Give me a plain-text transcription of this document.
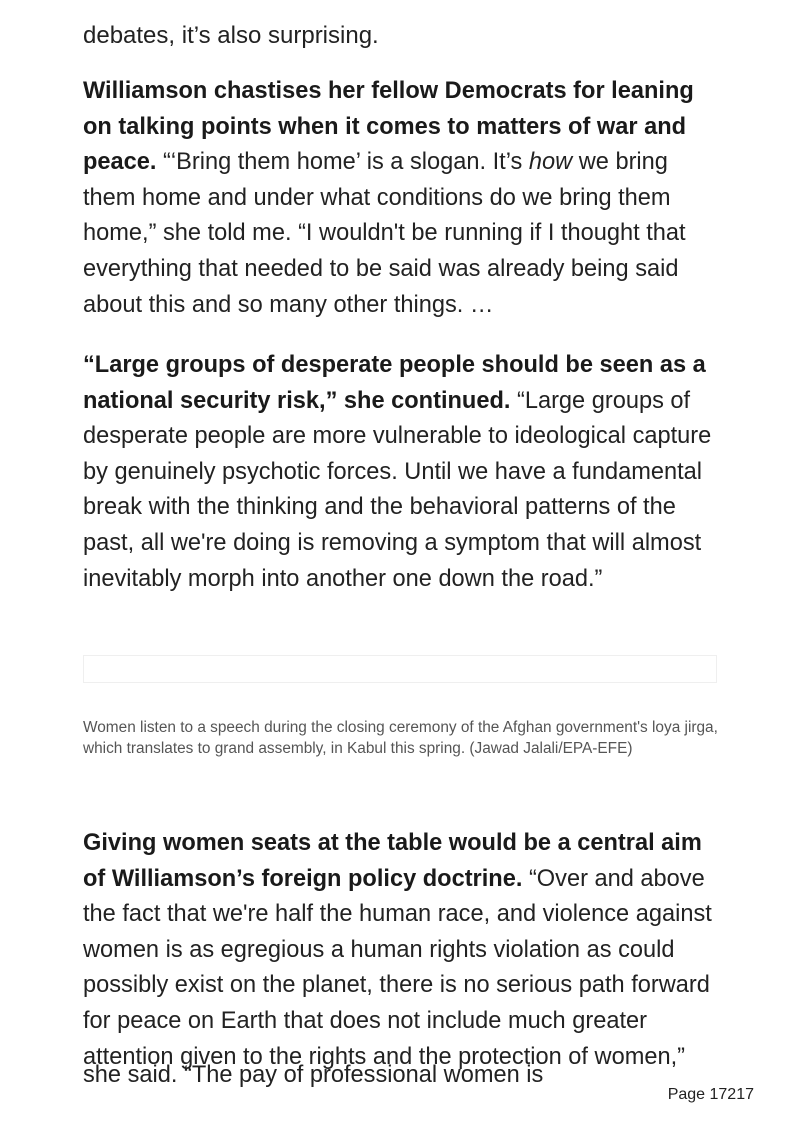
debates, it’s also surprising.

Williamson chastises her fellow Democrats for leaning on talking points when it comes to matters of war and peace. “‘Bring them home’ is a slogan. It’s how we bring them home and under what conditions do we bring them home,” she told me. “I wouldn't be running if I thought that everything that needed to be said was already being said about this and so many other things. …

“Large groups of desperate people should be seen as a national security risk,” she continued. “Large groups of desperate people are more vulnerable to ideological capture by genuinely psychotic forces. Until we have a fundamental break with the thinking and the behavioral patterns of the past, all we're doing is removing a symptom that will almost inevitably morph into another one down the road.”

Women listen to a speech during the closing ceremony of the Afghan government's loya jirga, which translates to grand assembly, in Kabul this spring. (Jawad Jalali/EPA-EFE)

Giving women seats at the table would be a central aim of Williamson’s foreign policy doctrine. “Over and above the fact that we're half the human race, and violence against women is as egregious a human rights violation as could possibly exist on the planet, there is no serious path forward for peace on Earth that does not include much greater attention given to the rights and the protection of women,”

she said. “The pay of professional women is

Page 17217
